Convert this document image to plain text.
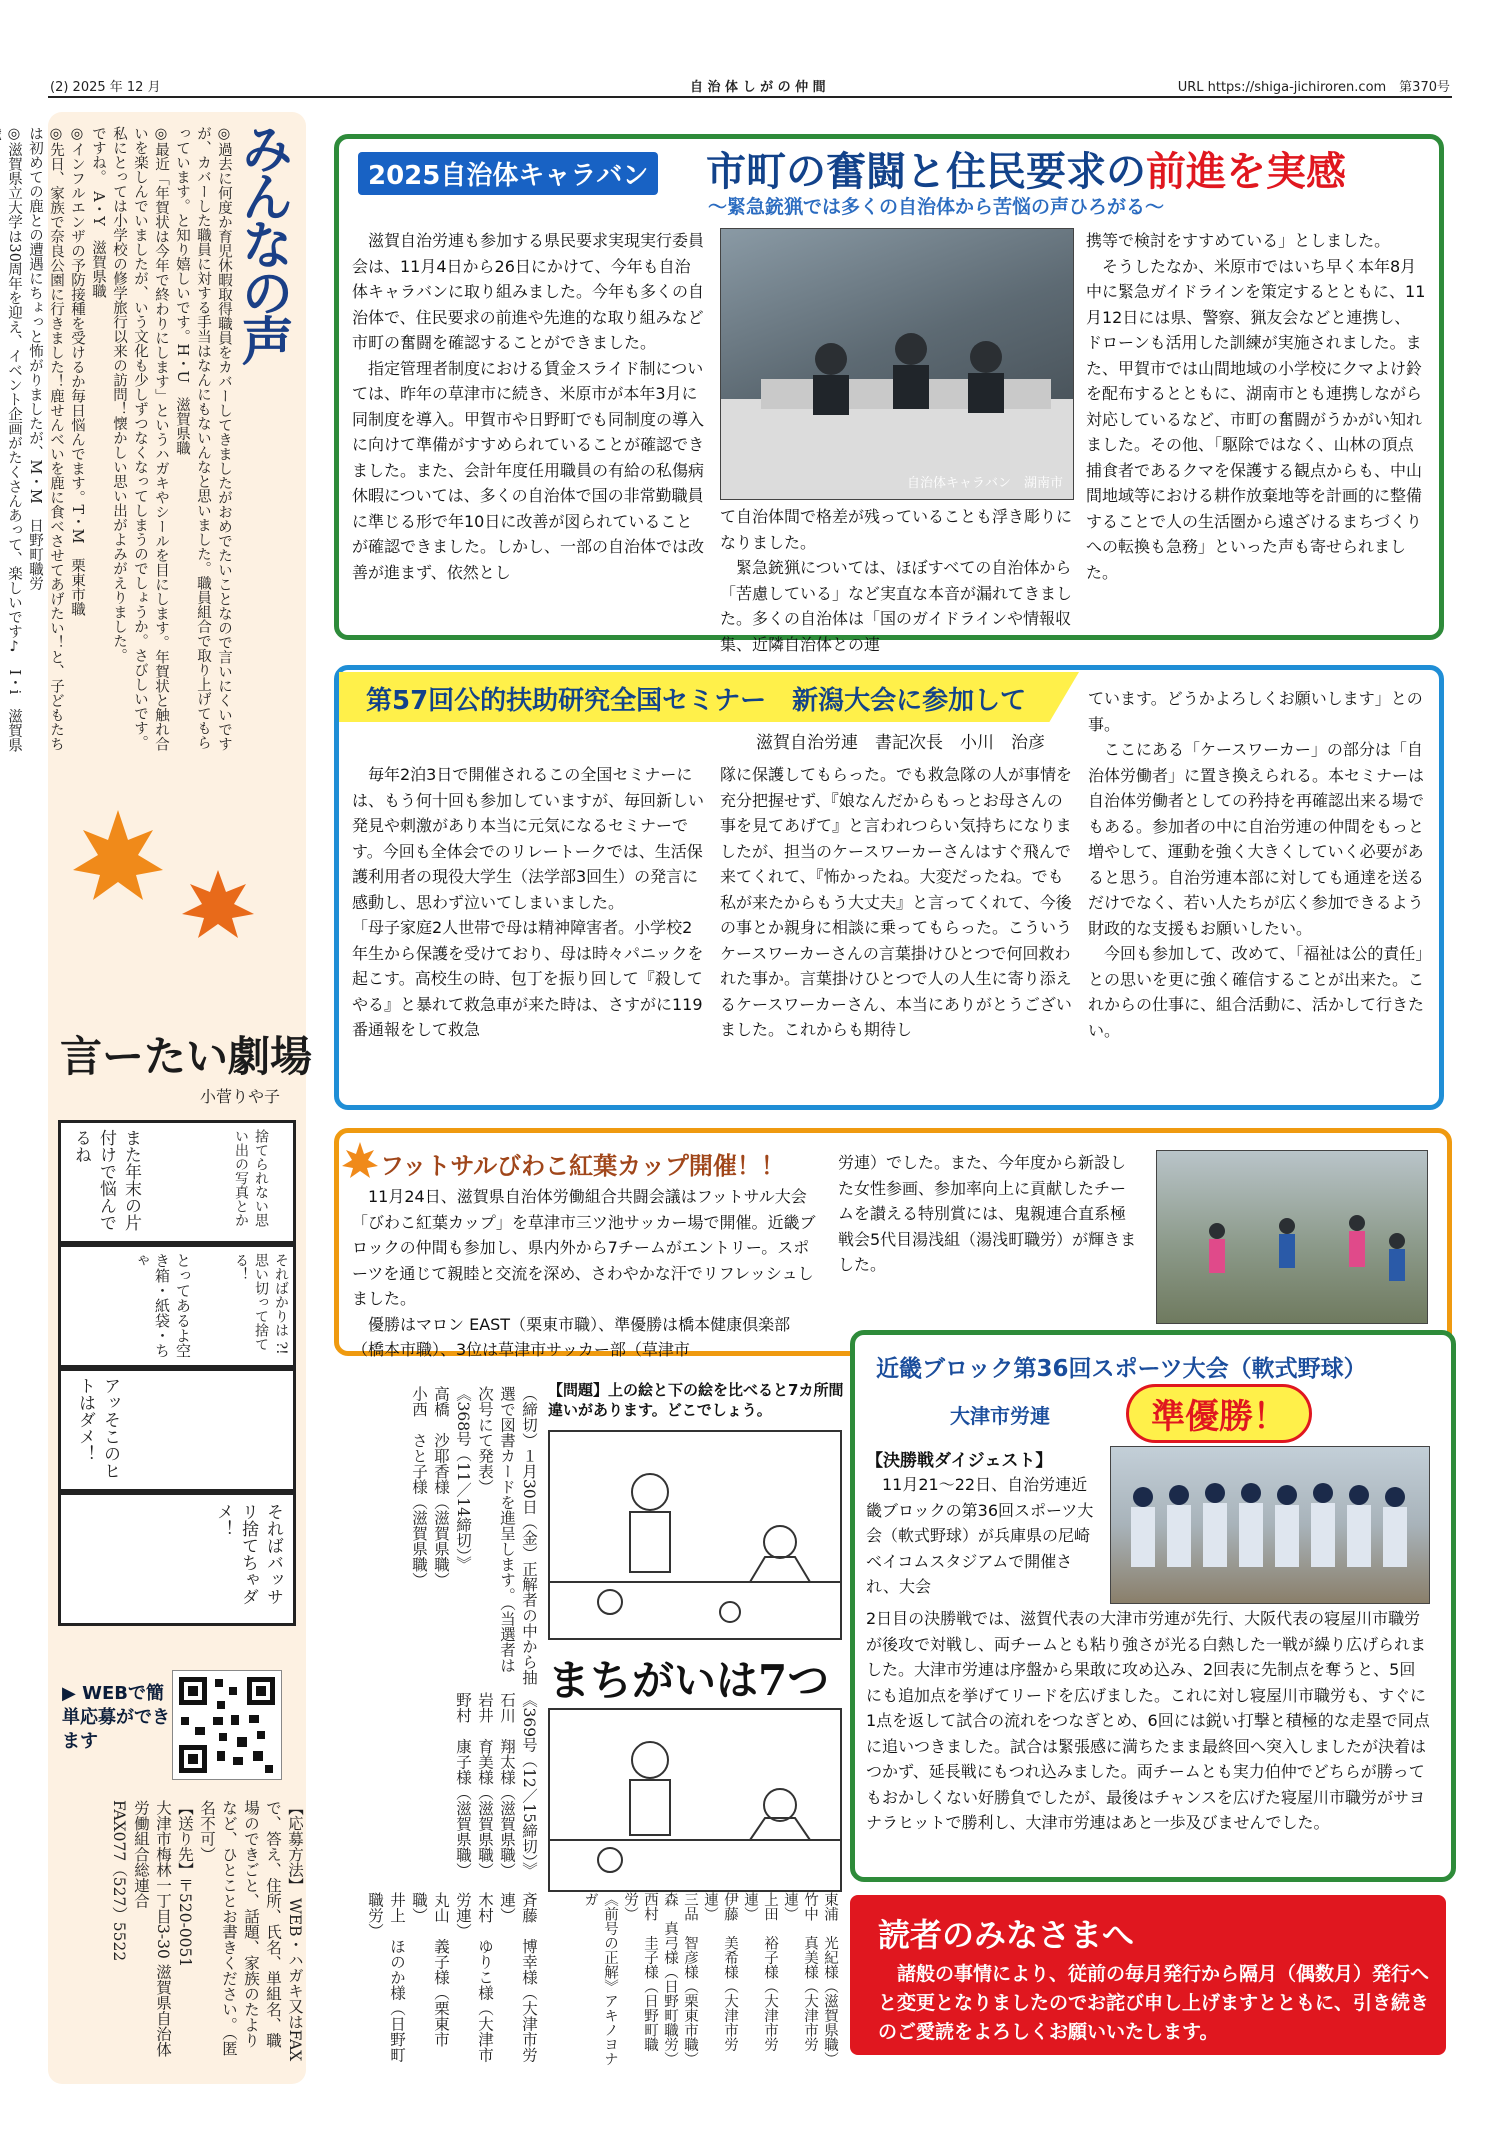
(2) 2025 年 12 月	自 治 体 し が の 仲 間	URL https://shiga-jichiroren.com　第370号
みんなの声
◎過去に何度か育児休暇取得職員をカバーしてきましたがおめでたいことなので言いにくいですが、カバーした職員に対する手当はなんにもないんなと思いました。職員組合で取り上げてもらっています。と知り嬉しいです。H・U　滋賀県職
◎最近「年賀状は今年で終わりにします」というハガキやシールを目にします。年賀状と触れ合いを楽しんでいましたが、いう文化も少しずつなくなってしまうのでしょうか。さびしいです。私にとっては小学校の修学旅行以来の訪問！懐かしい思い出がよみがえりました。
ですね。　A・Y　滋賀県職
◎インフルエンザの予防接種を受けるか毎日悩んでます。T・M　栗東市職
◎先日、家族で奈良公園に行きました！鹿せんべいを鹿に食べさせてあげたい！と、子どもたちは初めての鹿との遭遇にちょっと怖がりましたが、M・M　日野町職労
◎滋賀県立大学は30周年を迎え、イベント企画がたくさんあって、楽しいです♪　I・i　滋賀県
言ーたい劇場
小菅りや子
また年末の片付けで悩んでるね	捨てられない思い出の写真とか
とってあるよ空き箱・紙袋・ちゃ	そればかりは ?! 思い切って捨てる！
アッそこのヒトはダメ！
そればバッサリ捨てちゃダメ！
▶ WEBで簡単応募ができます
【応募方法】 WEB・ハガキ又はFAXで、答え、住所、氏名、単組名、職場のできごと、話題、家族のたよりなど、ひとことお書きください。（匿名不可）
【送り先】〒520‐0051
大津市梅林一丁目3‐30 滋賀県自治体労働組合総連合
FAX077（527）5522
（締切）１月30日（金）正解者の中から抽選で図書カードを進呈します。（当選者は次号にて発表）
《368号（11／14締切）》
高橋　沙耶香様（滋賀県職）
小西　さと子様（滋賀県職）
《369号（12／15締切）》
石川　翔太様（滋賀県職）
岩井　育美様（滋賀県職）
野村　康子様（滋賀県職）
斉藤　博幸様（大津市労連）
木村　ゆりこ様（大津市労連）
丸山　義子様（栗東市職）
井上　ほのか様（日野町職労）	東浦　光紀様（滋賀県職）
竹中　真美様（大津市労連）
上田　裕子様（大津市労連）
伊藤　美希様（大津市労連）
三品　智彦様（栗東市職）
森　真弓様（日野町職労）
西村　圭子様（日野町職労）
《前号の正解》アキノヨナガ
【問題】上の絵と下の絵を比べると7カ所間違いがあります。どこでしょう。
まちがいは7つ
2025自治体キャラバン 市町の奮闘と住民要求の前進を実感
～緊急銃猟では多くの自治体から苦悩の声ひろがる～

滋賀自治労連も参加する県民要求実現実行委員会は、11月4日から26日にかけて、今年も自治体キャラバンに取り組みました。今年も多くの自治体で、住民要求の前進や先進的な取り組みなど市町の奮闘を確認することができました。

指定管理者制度における賃金スライド制については、昨年の草津市に続き、米原市が本年3月に同制度を導入。甲賀市や日野町でも同制度の導入に向けて準備がすすめられていることが確認できました。また、会計年度任用職員の有給の私傷病休暇については、多くの自治体で国の非常勤職員に準じる形で年10日に改善が図られていることが確認できました。しかし、一部の自治体では改善が進まず、依然とし

自治体キャラバン　湖南市

て自治体間で格差が残っていることも浮き彫りになりました。

緊急銃猟については、ほぼすべての自治体から「苦慮している」など実直な本音が漏れてきました。多くの自治体は「国のガイドラインや情報収集、近隣自治体との連

携等で検討をすすめている」としました。

そうしたなか、米原市ではいち早く本年8月中に緊急ガイドラインを策定するとともに、11月12日には県、警察、猟友会などと連携し、ドローンも活用した訓練が実施されました。また、甲賀市では山間地域の小学校にクマよけ鈴を配布するとともに、湖南市とも連携しながら対応しているなど、市町の奮闘がうかがい知れました。その他、「駆除ではなく、山林の頂点捕食者であるクマを保護する観点からも、中山間地域等における耕作放棄地等を計画的に整備することで人の生活圏から遠ざけるまちづくりへの転換も急務」といった声も寄せられました。

第57回公的扶助研究全国セミナー　新潟大会に参加して
滋賀自治労連　書記次長　小川　治彦

毎年2泊3日で開催されるこの全国セミナーには、もう何十回も参加していますが、毎回新しい発見や刺激があり本当に元気になるセミナーです。今回も全体会でのリレートークでは、生活保護利用者の現役大学生（法学部3回生）の発言に感動し、思わず泣いてしまいました。

「母子家庭2人世帯で母は精神障害者。小学校2年生から保護を受けており、母は時々パニックを起こす。高校生の時、包丁を振り回して『殺してやる』と暴れて救急車が来た時は、さすがに119番通報をして救急

隊に保護してもらった。でも救急隊の人が事情を充分把握せず、『娘なんだからもっとお母さんの事を見てあげて』と言われつらい気持ちになりましたが、担当のケースワーカーさんはすぐ飛んで来てくれて、『怖かったね。大変だったね。でも私が来たからもう大丈夫』と言ってくれて、今後の事とか親身に相談に乗ってもらった。こういうケースワーカーさんの言葉掛けひとつで何回救われた事か。言葉掛けひとつで人の人生に寄り添えるケースワーカーさん、本当にありがとうございました。これからも期待し

ています。どうかよろしくお願いします」との事。

ここにある「ケースワーカー」の部分は「自治体労働者」に置き換えられる。本セミナーは自治体労働者としての矜持を再確認出来る場でもある。参加者の中に自治労連の仲間をもっと増やして、運動を強く大きくしていく必要があると思う。自治労連本部に対しても通達を送るだけでなく、若い人たちが広く参加できるよう財政的な支援もお願いしたい。

今回も参加して、改めて、「福祉は公的責任」との思いを更に強く確信することが出来た。これからの仕事に、組合活動に、活かして行きたい。

フットサルびわこ紅葉カップ開催！！

11月24日、滋賀県自治体労働組合共闘会議はフットサル大会「びわこ紅葉カップ」を草津市三ツ池サッカー場で開催。近畿ブロックの仲間も参加し、県内外から7チームがエントリー。スポーツを通じて親睦と交流を深め、さわやかな汗でリフレッシュしました。

優勝はマロン EAST（栗東市職）、準優勝は橋本健康倶楽部（橋本市職）、3位は草津市サッカー部（草津市

労連）でした。また、今年度から新設した女性参画、参加率向上に貢献したチームを讃える特別賞には、鬼親連合直系極戦会5代目湯浅組（湯浅町職労）が輝きました。

近畿ブロック第36回スポーツ大会（軟式野球）
大津市労連	準優勝！
【決勝戦ダイジェスト】

11月21～22日、自治労連近畿ブロックの第36回スポーツ大会（軟式野球）が兵庫県の尼崎ベイコムスタジアムで開催され、大会

2日目の決勝戦では、滋賀代表の大津市労連が先行、大阪代表の寝屋川市職労が後攻で対戦し、両チームとも粘り強さが光る白熱した一戦が繰り広げられました。大津市労連は序盤から果敢に攻め込み、2回表に先制点を奪うと、5回にも追加点を挙げてリードを広げました。これに対し寝屋川市職労も、すぐに1点を返して試合の流れをつなぎとめ、6回には鋭い打撃と積極的な走塁で同点に追いつきました。試合は緊張感に満ちたまま最終回へ突入しましたが決着はつかず、延長戦にもつれ込みました。両チームとも実力伯仲でどちらが勝ってもおかしくない好勝負でしたが、最後はチャンスを広げた寝屋川市職労がサヨナラヒットで勝利し、大津市労連はあと一歩及びませんでした。

読者のみなさまへ
諸般の事情により、従前の毎月発行から隔月（偶数月）発行へと変更となりましたのでお詫び申し上げますとともに、引き続きのご愛読をよろしくお願いいたします。
